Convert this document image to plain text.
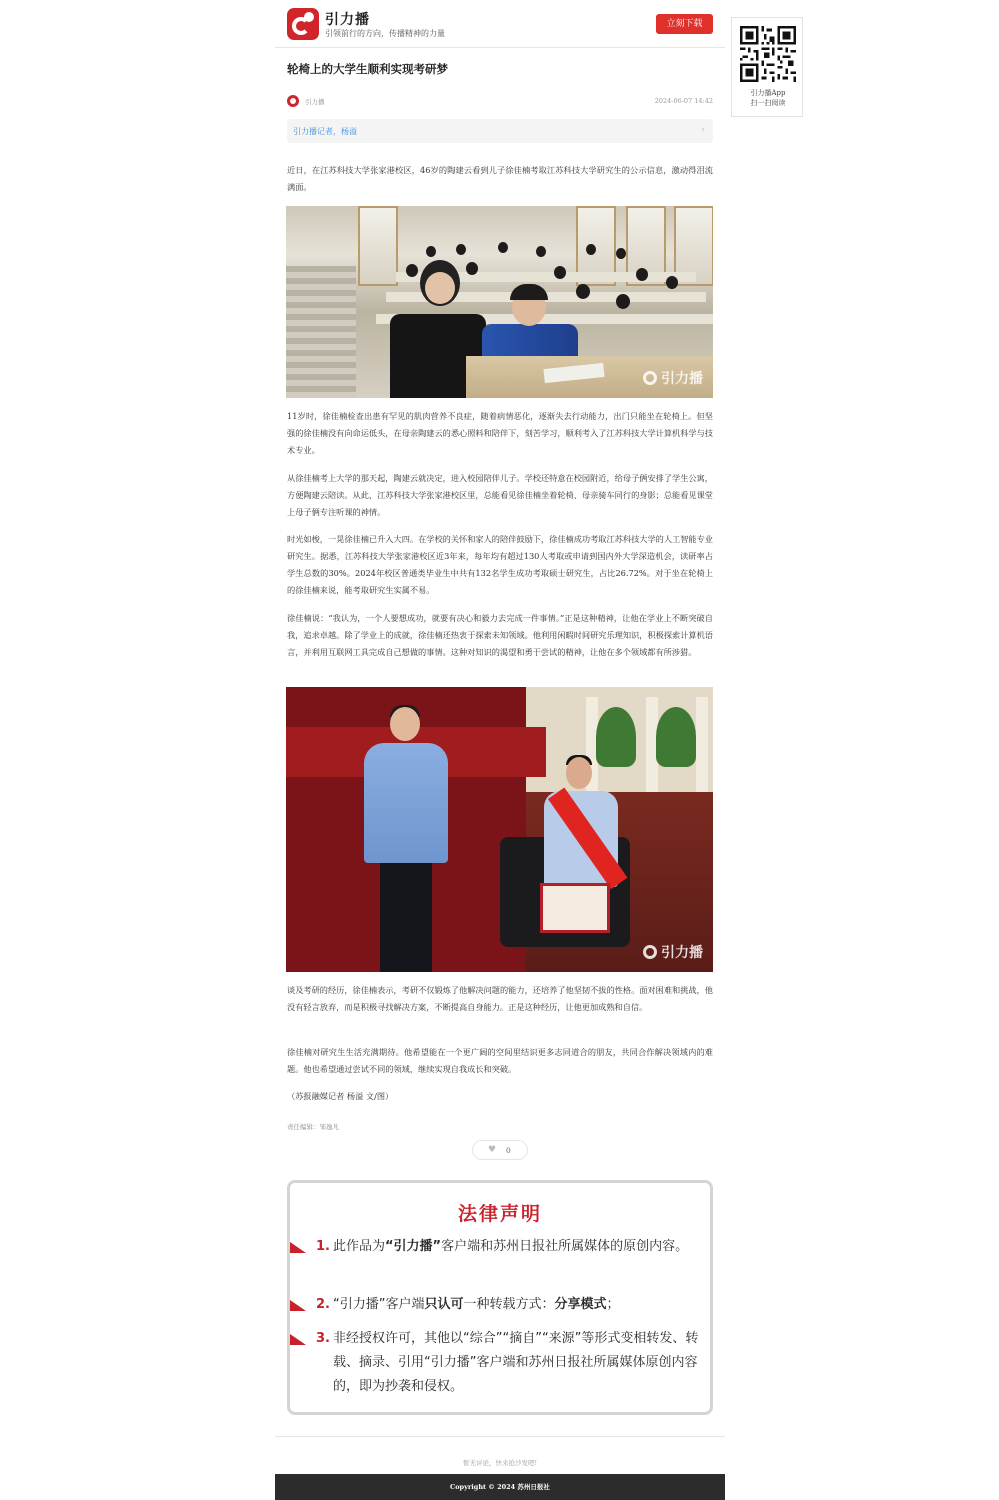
引力播
引领前行的方向，传播精神的力量
立刻下载
轮椅上的大学生顺利实现考研梦
引力播	2024-06-07 14:42
引力播记者，杨溢	›
近日，在江苏科技大学张家港校区，46岁的陶建云看到儿子徐佳楠考取江苏科技大学研究生的公示信息，激动得泪流满面。
引力播
11岁时，徐佳楠检查出患有罕见的肌肉营养不良症，随着病情恶化，逐渐失去行动能力，出门只能坐在轮椅上。但坚强的徐佳楠没有向命运低头，在母亲陶建云的悉心照料和陪伴下，刻苦学习，顺利考入了江苏科技大学计算机科学与技术专业。
从徐佳楠考上大学的那天起，陶建云就决定，进入校园陪伴儿子。学校还特意在校园附近，给母子俩安排了学生公寓，方便陶建云陪读。从此，江苏科技大学张家港校区里，总能看见徐佳楠坐着轮椅、母亲骑车同行的身影；总能看见课堂上母子俩专注听课的神情。
时光如梭，一晃徐佳楠已升入大四。在学校的关怀和家人的陪伴鼓励下，徐佳楠成功考取江苏科技大学的人工智能专业研究生。据悉，江苏科技大学张家港校区近3年来，每年均有超过130人考取或申请到国内外大学深造机会，读研率占学生总数的30%。2024年校区普通类毕业生中共有132名学生成功考取硕士研究生，占比26.72%。对于坐在轮椅上的徐佳楠来说，能考取研究生实属不易。
徐佳楠说：“我认为，一个人要想成功，就要有决心和毅力去完成一件事情。”正是这种精神，让他在学业上不断突破自我，追求卓越。除了学业上的成就，徐佳楠还热衷于探索未知领域。他利用闲暇时间研究乐理知识，积极探索计算机语言，并利用互联网工具完成自己想做的事情。这种对知识的渴望和勇于尝试的精神，让他在多个领域都有所涉猎。
引力播
谈及考研的经历，徐佳楠表示，考研不仅锻炼了他解决问题的能力，还培养了他坚韧不拔的性格。面对困难和挑战，他没有轻言放弃，而是积极寻找解决方案，不断提高自身能力。正是这种经历，让他更加成熟和自信。
徐佳楠对研究生生活充满期待。他希望能在一个更广阔的空间里结识更多志同道合的朋友，共同合作解决领域内的难题。他也希望通过尝试不同的领域，继续实现自我成长和突破。
（苏报融媒记者 杨溢 文/图）
责任编辑：邹逸凡
♥ 0
法律声明
1. 此作品为“引力播”客户端和苏州日报社所属媒体的原创内容。
2. “引力播”客户端只认可一种转载方式：分享模式；
3. 非经授权许可，其他以“综合”“摘自”“来源”等形式变相转发、转载、摘录、引用“引力播”客户端和苏州日报社所属媒体原创内容的，即为抄袭和侵权。
暂无评论，快来抢沙发吧!
Copyright © 2024 苏州日报社
引力播App
扫一扫阅读
